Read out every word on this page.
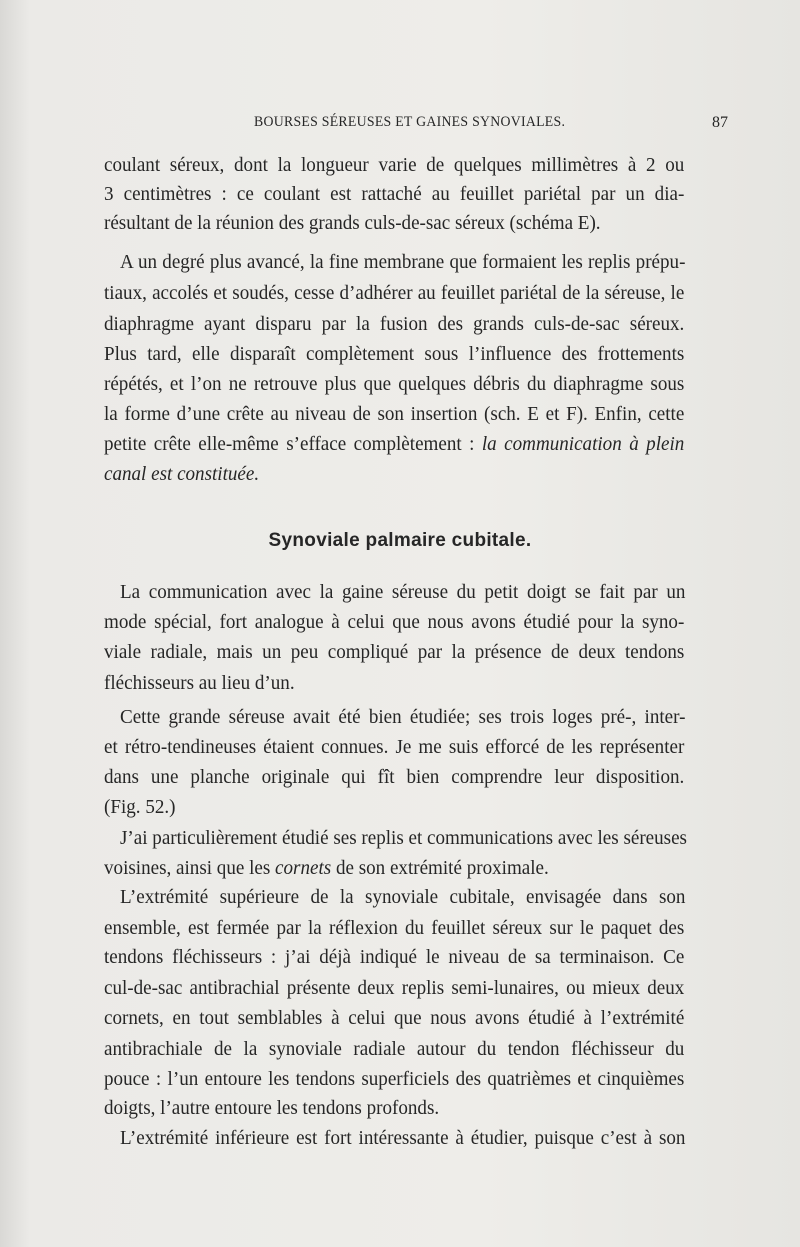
BOURSES SÉREUSES ET GAINES SYNOVIALES.	87
coulant séreux, dont la longueur varie de quelques millimètres à 2 ou
3 centimètres : ce coulant est rattaché au feuillet pariétal par un dia-
résultant de la réunion des grands culs-de-sac séreux (schéma E).
A un degré plus avancé, la fine membrane que formaient les replis prépu-
tiaux, accolés et soudés, cesse d’adhérer au feuillet pariétal de la séreuse, le
diaphragme ayant disparu par la fusion des grands culs-de-sac séreux.
Plus tard, elle disparaît complètement sous l’influence des frottements
répétés, et l’on ne retrouve plus que quelques débris du diaphragme sous
la forme d’une crête au niveau de son insertion (sch. E et F). Enfin, cette
petite crête elle-même s’efface complètement : la communication à plein
canal est constituée.
Synoviale palmaire cubitale.
La communication avec la gaine séreuse du petit doigt se fait par un
mode spécial, fort analogue à celui que nous avons étudié pour la syno-
viale radiale, mais un peu compliqué par la présence de deux tendons
fléchisseurs au lieu d’un.
Cette grande séreuse avait été bien étudiée; ses trois loges pré-, inter-
et rétro-tendineuses étaient connues. Je me suis efforcé de les représenter
dans une planche originale qui fît bien comprendre leur disposition.
(Fig. 52.)
J’ai particulièrement étudié ses replis et communications avec les séreuses
voisines, ainsi que les cornets de son extrémité proximale.
L’extrémité supérieure de la synoviale cubitale, envisagée dans son
ensemble, est fermée par la réflexion du feuillet séreux sur le paquet des
tendons fléchisseurs : j’ai déjà indiqué le niveau de sa terminaison. Ce
cul-de-sac antibrachial présente deux replis semi-lunaires, ou mieux deux
cornets, en tout semblables à celui que nous avons étudié à l’extrémité
antibrachiale de la synoviale radiale autour du tendon fléchisseur du
pouce : l’un entoure les tendons superficiels des quatrièmes et cinquièmes
doigts, l’autre entoure les tendons profonds.
L’extrémité inférieure est fort intéressante à étudier, puisque c’est à son
